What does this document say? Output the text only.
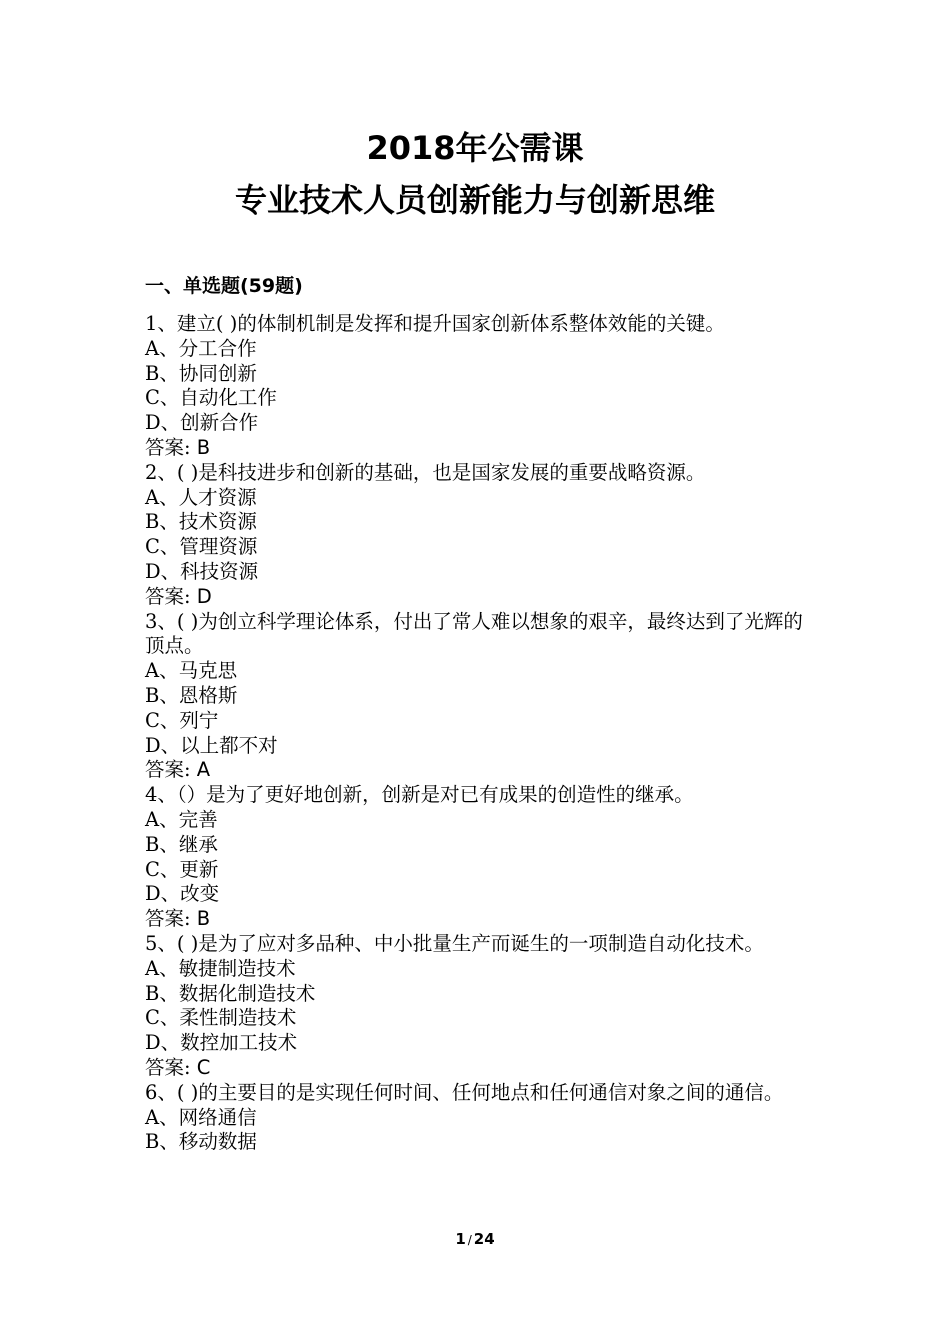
2018年公需课
专业技术人员创新能力与创新思维
一、单选题(59题)

1、建立( )的体制机制是发挥和提升国家创新体系整体效能的关键。

A、分工合作

B、协同创新

C、自动化工作

D、创新合作

答案: B

2、( )是科技进步和创新的基础，也是国家发展的重要战略资源。

A、人才资源

B、技术资源

C、管理资源

D、科技资源

答案: D

3、( )为创立科学理论体系，付出了常人难以想象的艰辛，最终达到了光辉的顶点。

A、马克思

B、恩格斯

C、列宁

D、以上都不对

答案: A

4、（）是为了更好地创新，创新是对已有成果的创造性的继承。

A、完善

B、继承

C、更新

D、改变

答案: B

5、( )是为了应对多品种、中小批量生产而诞生的一项制造自动化技术。

A、敏捷制造技术

B、数据化制造技术

C、柔性制造技术

D、数控加工技术

答案: C

6、( )的主要目的是实现任何时间、任何地点和任何通信对象之间的通信。

A、网络通信

B、移动数据

1 / 24
